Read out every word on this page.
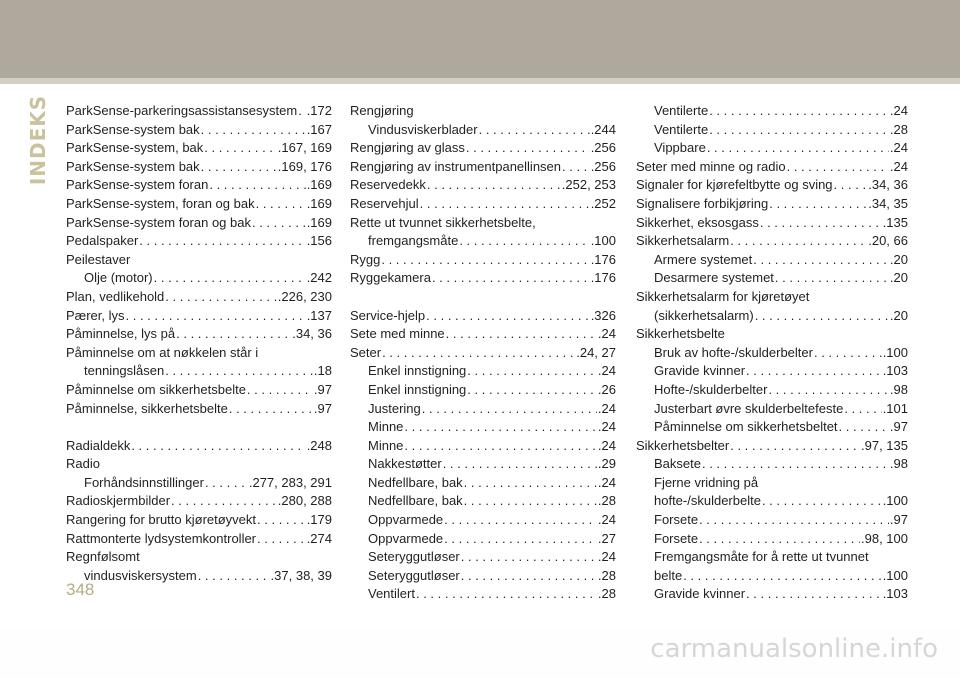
INDEKS ParkSense-parkeringsassistansesystem . . . .172
ParkSense-system bak . . .	.167
ParkSense-system, bak . . .	.167, 169
ParkSense-system bak . . .	.169, 176
ParkSense-system foran . . .	.169
ParkSense-system, foran og bak . . .	.169
ParkSense-system foran og bak . . .	.169
Pedalspaker . . .	.156
Peilestaver
Olje (motor) . . .	.242
Plan, vedlikehold . . .	.226, 230
Pærer, lys . . .	.137
Påminnelse, lys på . . .	.34, 36
Påminnelse om at nøkkelen står i
tenningslåsen . . .	.18
Påminnelse om sikkerhetsbelte . . .	.97
Påminnelse, sikkerhetsbelte . . .	.97
Radialdekk . . .	.248
Radio
Forhåndsinnstillinger . . .	.277, 283, 291
Radioskjermbilder . . .	.280, 288
Rangering for brutto kjøretøyvekt . . .	.179
Rattmonterte lydsystemkontroller . . .	.274
Regnfølsomt
vindusviskersystem . . .	.37, 38, 39
Rengjøring
Vindusviskerblader . . .	.244
Rengjøring av glass . . .	.256
Rengjøring av instrumentpanellinsen . . . .256
Reservedekk . . .	.252, 253
Reservehjul . . .	.252
Rette ut tvunnet sikkerhetsbelte,
fremgangsmåte . . .	.100
Rygg . . .	.176
Ryggekamera . . .	.176
Service-hjelp . . .	.326
Sete med minne . . .	.24
Seter . . .	.24, 27
Enkel innstigning . . .	.24
Enkel innstigning . . .	.26
Justering . . .	.24
Minne . . .	.24
Minne . . .	.24
Nakkestøtter . . .	.29
Nedfellbare, bak . . .	.24
Nedfellbare, bak . . .	.28
Oppvarmede . . .	.24
Oppvarmede . . .	.27
Seteryggutløser . . .	.24
Seteryggutløser . . .	.28
Ventilert . . .	.28
Ventilerte . . .	.24
Ventilerte . . .	.28
Vippbare . . .	.24
Seter med minne og radio . . .	.24
Signaler for kjørefeltbytte og sving . . .	.34, 36
Signalisere forbikjøring . . .	.34, 35
Sikkerhet, eksosgass . . .	.135
Sikkerhetsalarm . . .	.20, 66
Armere systemet . . .	.20
Desarmere systemet . . .	.20
Sikkerhetsalarm for kjøretøyet
(sikkerhetsalarm) . . .	.20
Sikkerhetsbelte
Bruk av hofte-/skulderbelter . . .	.100
Gravide kvinner . . .	.103
Hofte-/skulderbelter . . .	.98
Justerbart øvre skulderbeltefeste . . .	.101
Påminnelse om sikkerhetsbeltet . . .	.97
Sikkerhetsbelter . . .	.97, 135
Baksete . . .	.98
Fjerne vridning på
hofte-/skulderbelte . . .	.100
Forsete . . .	.97
Forsete . . .	.98, 100
Fremgangsmåte for å rette ut tvunnet
belte . . .	.100
Gravide kvinner . . .	.103
348
carmanualsonline.info
